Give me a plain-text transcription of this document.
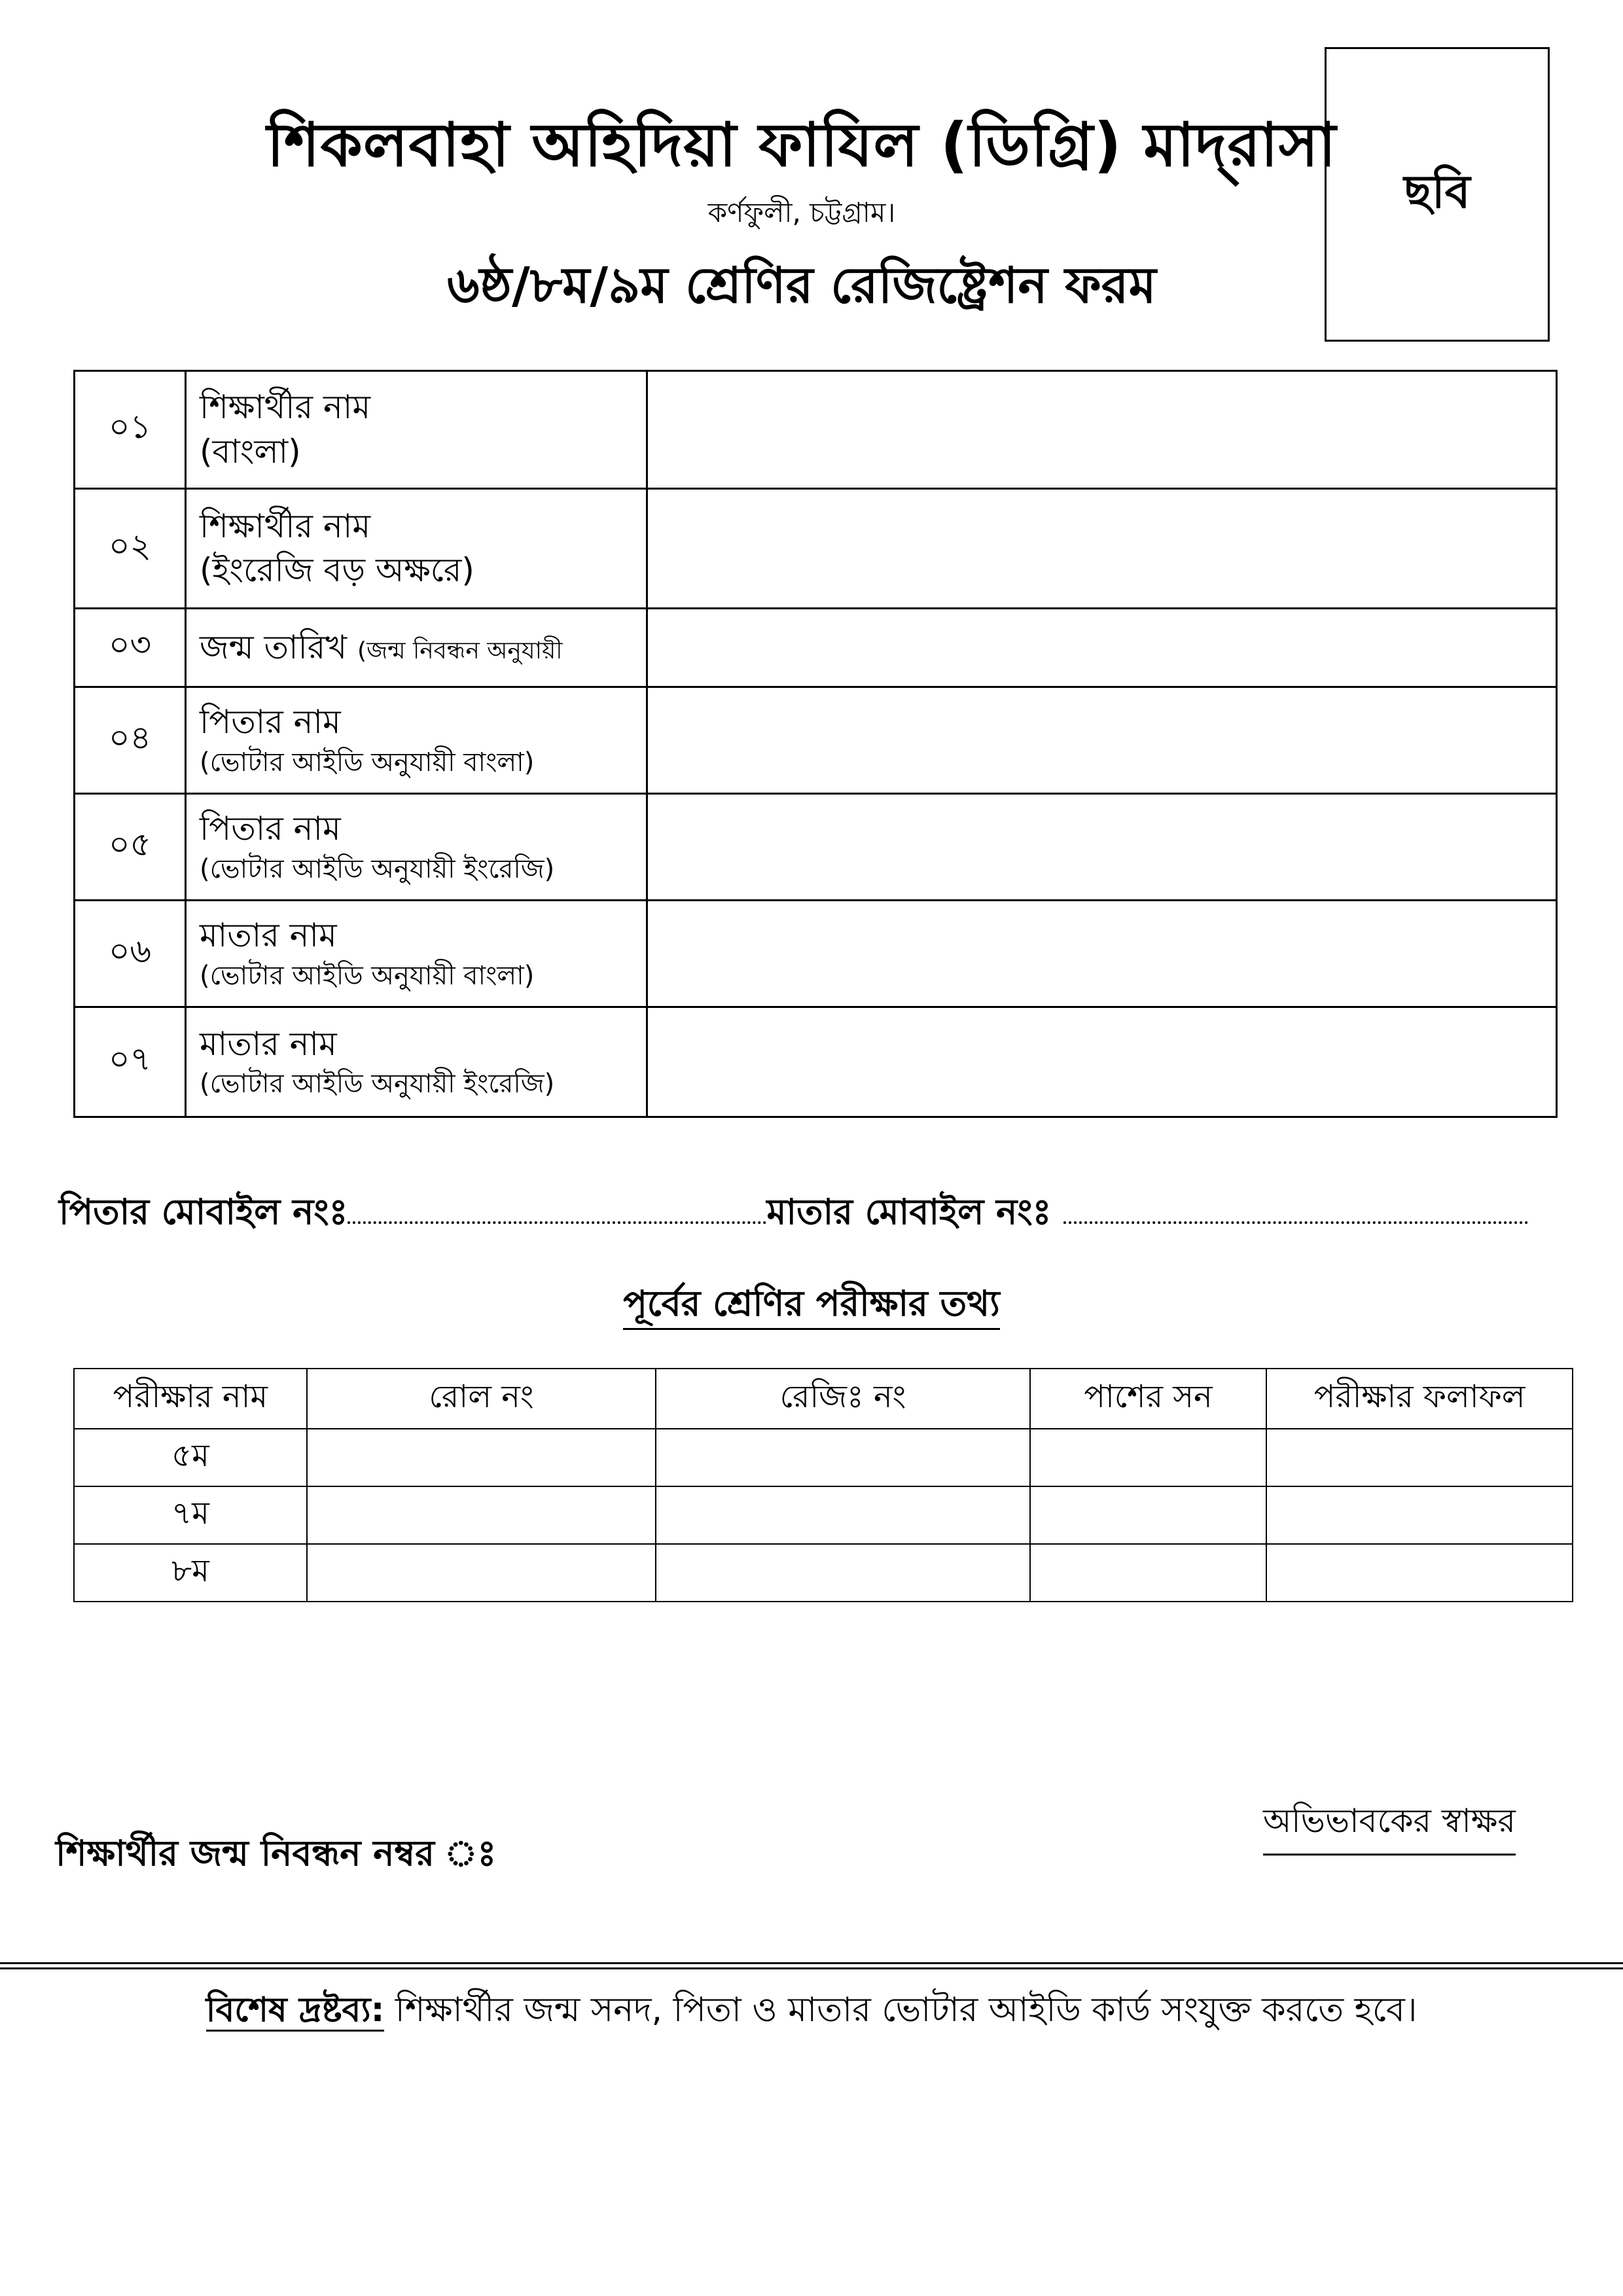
শিকলবাহা অহিদিয়া ফাযিল (ডিগ্রি) মাদ্‌রাসা
কর্ণফুলী, চট্টগ্রাম।
৬ষ্ঠ/৮ম/৯ম শ্রেণির রেজিষ্ট্রেশন ফরম
ছবি
০১	শিক্ষার্থীর নাম
(বাংলা)	

০২	শিক্ষার্থীর নাম
(ইংরেজি বড় অক্ষরে)	

০৩	জন্ম তারিখ (জন্ম নিবন্ধন অনুযায়ী	

০৪	পিতার নাম
(ভোটার আইডি অনুযায়ী বাংলা)	

০৫	পিতার নাম
(ভোটার আইডি অনুযায়ী ইংরেজি)	

০৬	মাতার নাম
(ভোটার আইডি অনুযায়ী বাংলা)	

০৭	মাতার নাম
(ভোটার আইডি অনুযায়ী ইংরেজি)	

পিতার মোবাইল নংঃ	মাতার মোবাইল নংঃ
পূর্বের শ্রেণির পরীক্ষার তথ্য
পরীক্ষার নাম	রোল নং	রেজিঃ নং	পাশের সন	পরীক্ষার ফলাফল
৫ম				
৭ম				
৮ম				
অভিভাবকের স্বাক্ষর
শিক্ষার্থীর জন্ম নিবন্ধন নম্বর ঃ
বিশেষ দ্রষ্টব্য: শিক্ষার্থীর জন্ম সনদ, পিতা ও মাতার ভোটার আইডি কার্ড সংযুক্ত করতে হবে।
